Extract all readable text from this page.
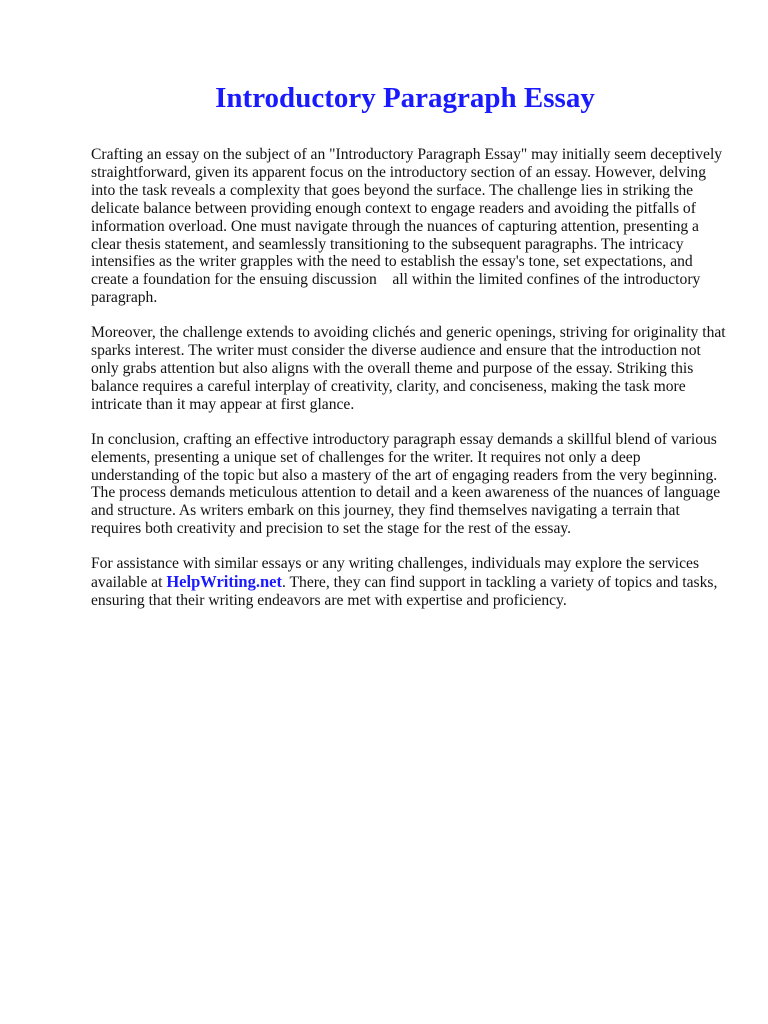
Introductory Paragraph Essay

Crafting an essay on the subject of an "Introductory Paragraph Essay" may initially seem deceptively straightforward, given its apparent focus on the introductory section of an essay. However, delving into the task reveals a complexity that goes beyond the surface. The challenge lies in striking the delicate balance between providing enough context to engage readers and avoiding the pitfalls of information overload. One must navigate through the nuances of capturing attention, presenting a clear thesis statement, and seamlessly transitioning to the subsequent paragraphs. The intricacy intensifies as the writer grapples with the need to establish the essay's tone, set expectations, and create a foundation for the ensuing discussion    all within the limited confines of the introductory paragraph.

Moreover, the challenge extends to avoiding clichés and generic openings, striving for originality that sparks interest. The writer must consider the diverse audience and ensure that the introduction not only grabs attention but also aligns with the overall theme and purpose of the essay. Striking this balance requires a careful interplay of creativity, clarity, and conciseness, making the task more intricate than it may appear at first glance.

In conclusion, crafting an effective introductory paragraph essay demands a skillful blend of various elements, presenting a unique set of challenges for the writer. It requires not only a deep understanding of the topic but also a mastery of the art of engaging readers from the very beginning. The process demands meticulous attention to detail and a keen awareness of the nuances of language and structure. As writers embark on this journey, they find themselves navigating a terrain that requires both creativity and precision to set the stage for the rest of the essay.

For assistance with similar essays or any writing challenges, individuals may explore the services available at HelpWriting.net. There, they can find support in tackling a variety of topics and tasks, ensuring that their writing endeavors are met with expertise and proficiency.
